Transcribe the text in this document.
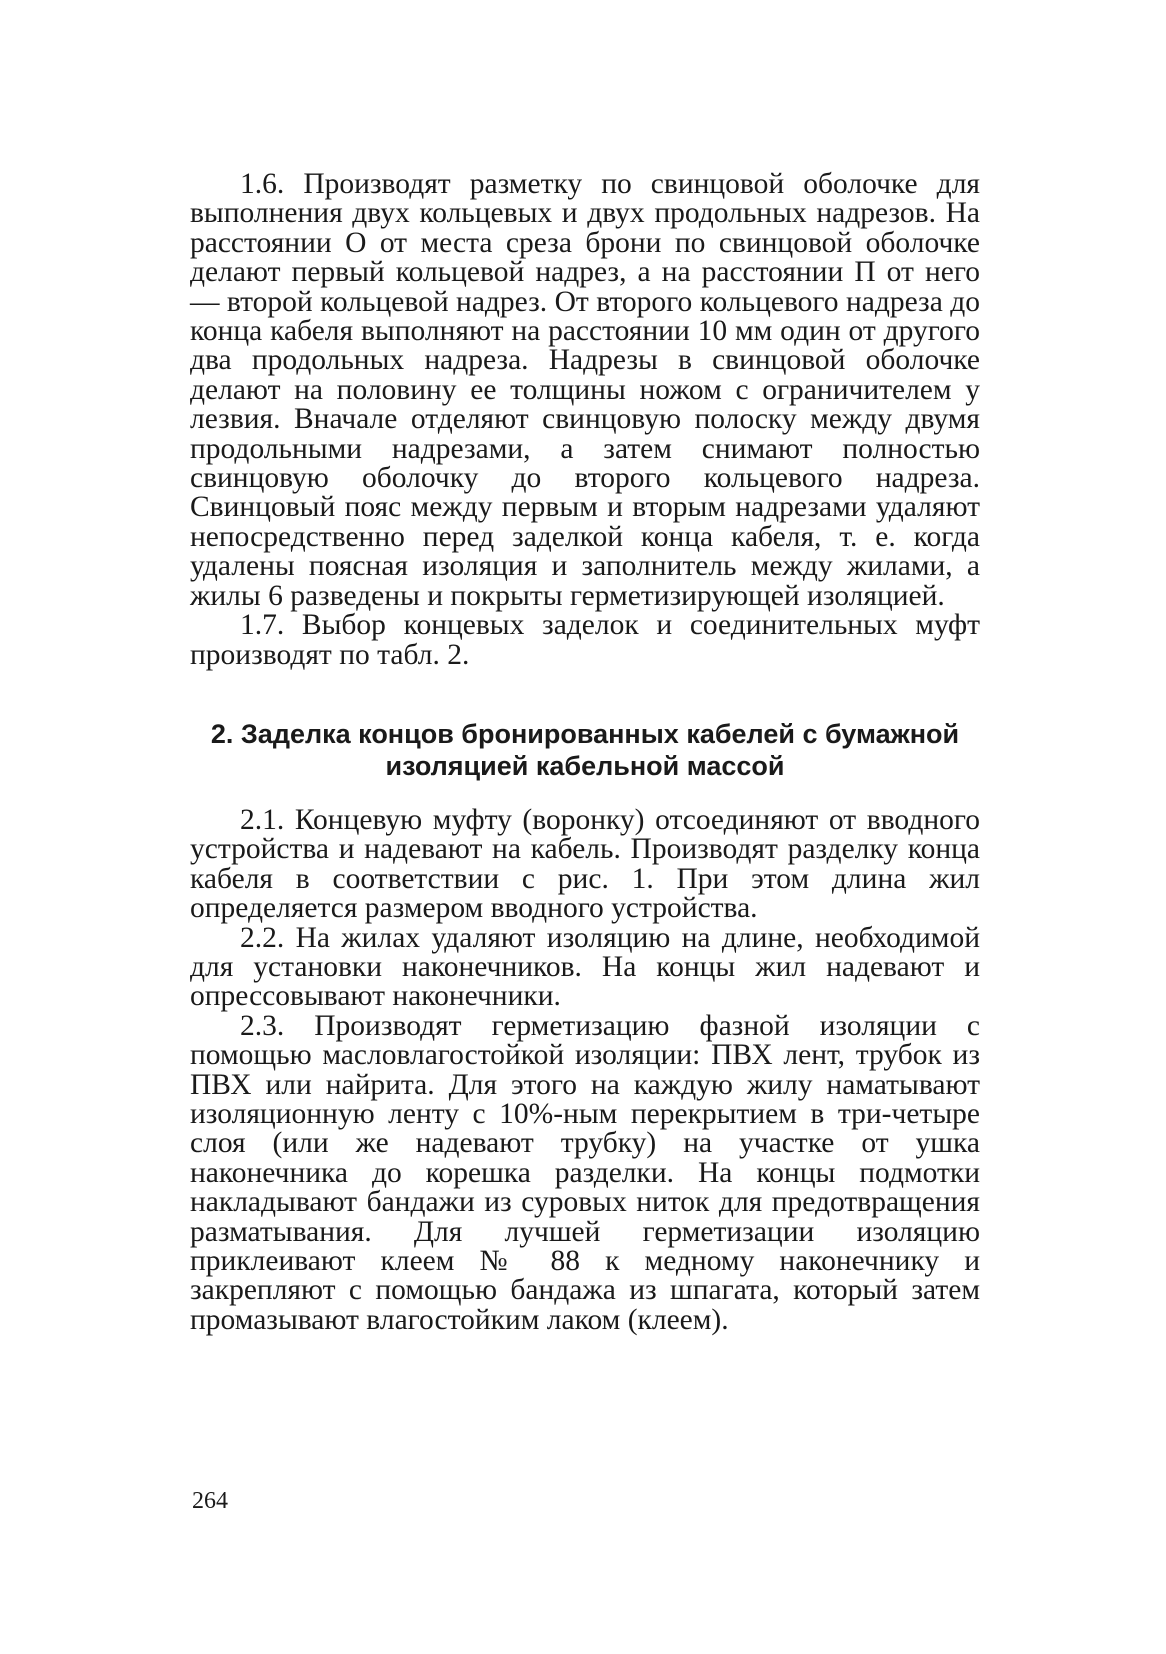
1.6. Производят разметку по свинцовой оболочке для выполнения двух кольцевых и двух продольных надрезов. На расстоянии О от места среза брони по свинцовой оболочке делают первый кольцевой надрез, а на расстоянии П от него — второй кольцевой надрез. От второго кольцевого надреза до конца кабеля выполняют на расстоянии 10 мм один от другого два продольных надреза. Надрезы в свинцовой оболочке делают на половину ее толщины ножом с ограничителем у лезвия. Вначале отделяют свинцовую полоску между двумя продольными надрезами, а затем снимают полностью свинцовую оболочку до второго кольцевого надреза. Свинцовый пояс между первым и вторым надрезами удаляют непосредственно перед заделкой конца кабеля, т. е. когда удалены поясная изоляция и заполнитель между жилами, а жилы 6 разведены и покрыты герметизирующей изоляцией.

1.7. Выбор концевых заделок и соединительных муфт производят по табл. 2.

2. Заделка концов бронированных кабелей с бумажной
изоляцией кабельной массой

2.1. Концевую муфту (воронку) отсоединяют от вводного устройства и надевают на кабель. Производят разделку конца кабеля в соответствии с рис. 1. При этом длина жил определяется размером вводного устройства.

2.2. На жилах удаляют изоляцию на длине, необходимой для установки наконечников. На концы жил надевают и опрессовывают наконечники.

2.3. Производят герметизацию фазной изоляции с помощью масловлагостойкой изоляции: ПВХ лент, трубок из ПВХ или найрита. Для этого на каждую жилу наматывают изоляционную ленту с 10%-ным перекрытием в три-четыре слоя (или же надевают трубку) на участке от ушка наконечника до корешка разделки. На концы подмотки накладывают бандажи из суровых ниток для предотвращения разматывания. Для лучшей герметизации изоляцию приклеивают клеем № 88 к медному наконечнику и закрепляют с помощью бандажа из шпагата, который затем промазывают влагостойким лаком (клеем).

264
